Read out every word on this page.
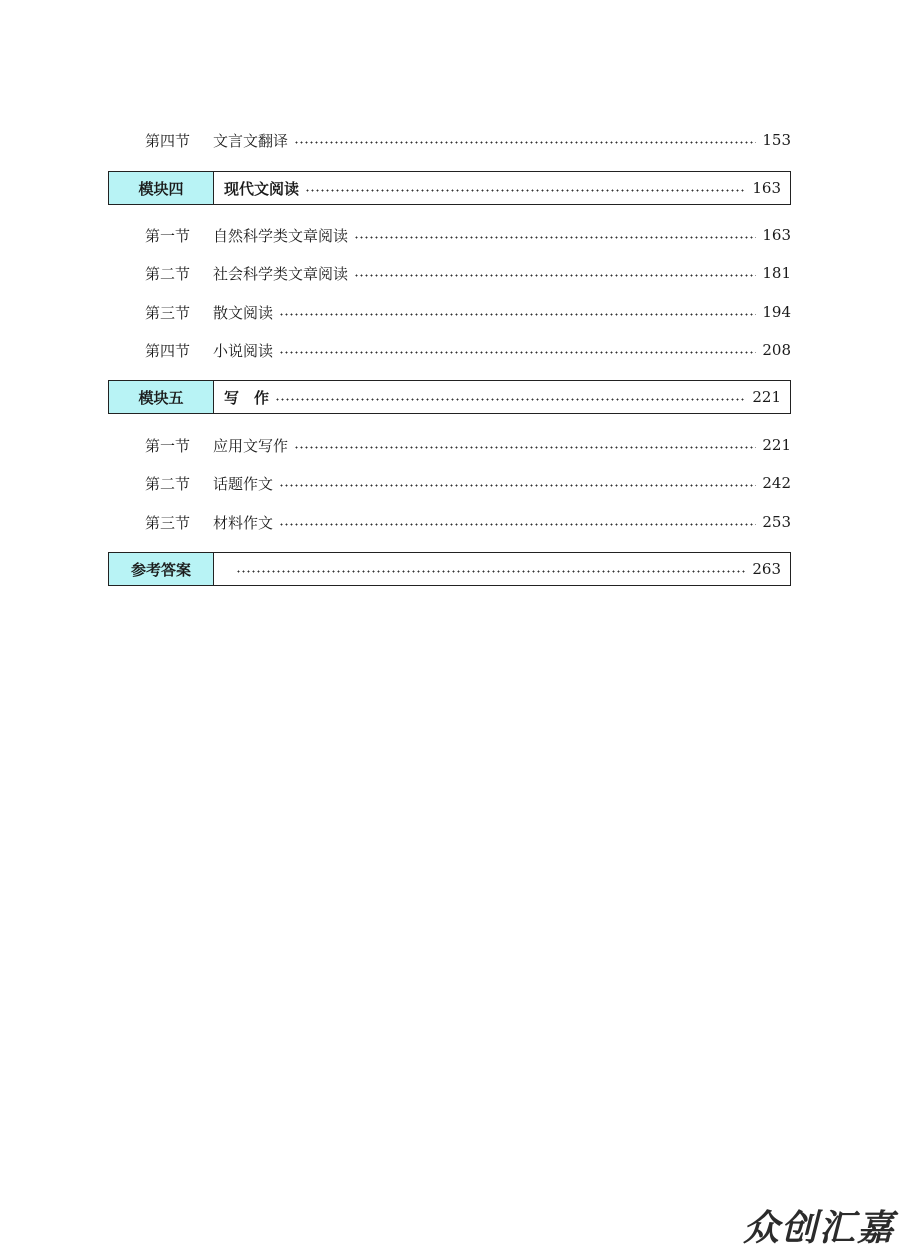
第四节	文言文翻译	153
模块四	现代文阅读	163
第一节	自然科学类文章阅读	163
第二节	社会科学类文章阅读	181
第三节	散文阅读	194
第四节	小说阅读	208
模块五	写　作	221
第一节	应用文写作	221
第二节	话题作文	242
第三节	材料作文	253
参考答案	263
众创汇嘉
